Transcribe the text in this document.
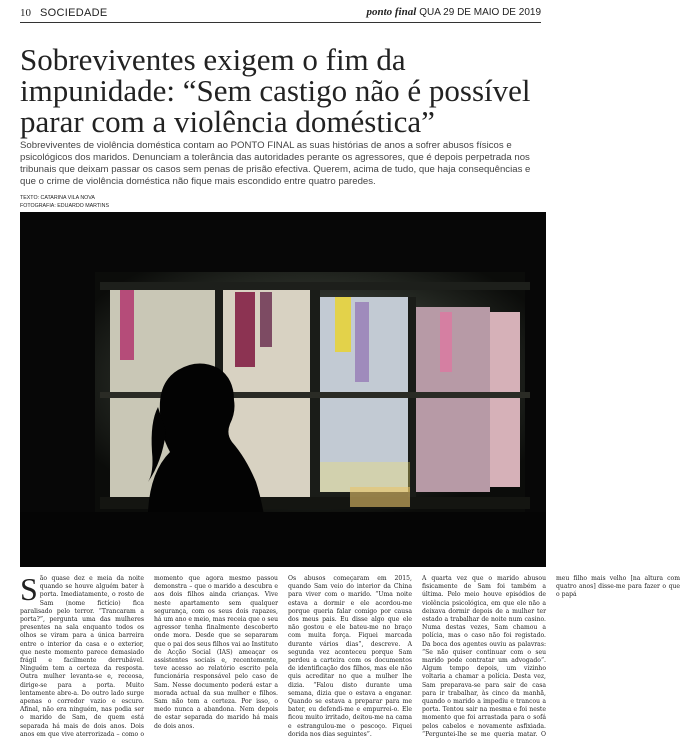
10 SOCIEDADE	ponto final QUA 29 DE MAIO DE 2019
Sobreviventes exigem o fim da impunidade: “Sem castigo não é possível parar com a violência doméstica”

Sobreviventes de violência doméstica contam ao PONTO FINAL as suas histórias de anos a sofrer abusos físicos e psicológicos dos maridos. Denunciam a tolerância das autoridades perante os agressores, que é depois perpetrada nos tribunais que deixam passar os casos sem penas de prisão efectiva. Querem, acima de tudo, que haja consequências e que o crime de violência doméstica não fique mais escondido entre quatro paredes.

TEXTO: CATARINA VILA NOVA
FOTOGRAFIA: EDUARDO MARTINS

São quase dez e meia da noite quando se houve alguém bater à porta. Imediatamente, o rosto de Sam (nome fictício) fica paralisado pelo terror. “Trancaram a porta?”, pergunta uma das mulheres presentes na sala enquanto todos os olhos se viram para a única barreira entre o interior da casa e o exterior, que neste momento parece demasiado frágil e facilmente derrubável. Ninguém tem a certeza da resposta. Outra mulher levanta-se e, receosa, dirige-se para a porta. Muito lentamente abre-a. Do outro lado surge apenas o corredor vazio e escuro. Afinal, não era ninguém, nas podia ser o marido de Sam, de quem está separada há mais de dois anos. Dois anos em que vive aterrorizada – como o momento que agora mesmo passou demonstra – que o marido a descubra e aos dois filhos ainda crianças. Vive neste apartamento sem qualquer segurança, com os seus dois rapazes, há um ano e meio, mas receia que o seu agressor tenha finalmente descoberto onde mora. Desde que se separaram que o pai dos seus filhos vai ao Instituto de Acção Social (IAS) ameaçar os assistentes sociais e, recentemente, teve acesso ao relatório escrito pela funcionária responsável pelo caso de Sam. Nesse documento poderá estar a morada actual da sua mulher e filhos. Sam não tem a certeza. Por isso, o medo nunca a abandona. Nem depois de estar separada do marido há mais de dois anos.

Os abusos começaram em 2015, quando Sam veio do interior da China para viver com o marido. “Uma noite estava a dormir e ele acordou-me porque queria falar comigo por causa dos meus pais. Eu disse algo que ele não gostou e ele bateu-me no braço com muita força. Fiquei marcada durante vários dias”, descreve. A segunda vez aconteceu porque Sam perdeu a carteira com os documentos de identificação dos filhos, mas ele não quis acreditar no que a mulher lhe dizia. “Falou disto durante uma semana, dizia que o estava a enganar. Quando se estava a preparar para me bater, eu defendi-me e empurrei-o. Ele ficou muito irritado, deitou-me na cama e estrangulou-me o pescoço. Fiquei dorida nos dias seguintes”.

A quarta vez que o marido abusou fisicamente de Sam foi também a última. Pelo meio houve episódios de violência psicológica, em que ele não a deixava dormir depois de a mulher ter estado a trabalhar de noite num casino. Numa destas vezes, Sam chamou a polícia, mas o caso não foi registado. Da boca dos agentes ouviu as palavras: “Se não quiser continuar com o seu marido pode contratar um advogado”. Algum tempo depois, um vizinho voltaria a chamar a polícia. Desta vez, Sam preparava-se para sair de casa para ir trabalhar, às cinco da manhã, quando o marido a impediu e trancou a porta. Tentou sair na mesma e foi neste momento que foi arrastada para o sofá pelos cabelos e novamente asfixiada. “Perguntei-lhe se me queria matar. O meu filho mais velho [na altura com quatro anos] disse-me para fazer o que o papá
